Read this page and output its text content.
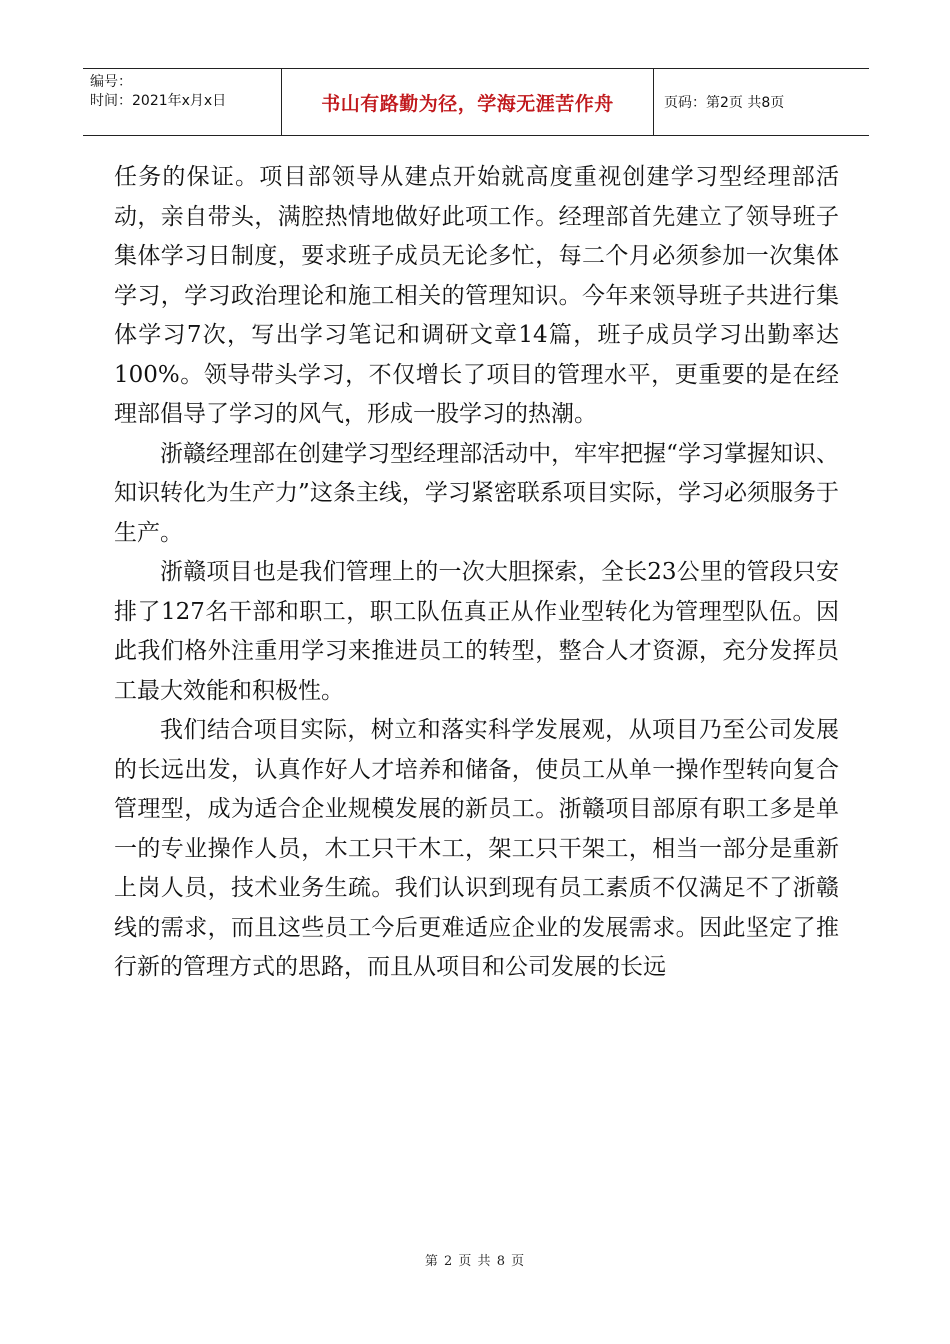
编号：
时间：2021年x月x日	书山有路勤为径，学海无涯苦作舟	页码：第2页 共8页

任务的保证。项目部领导从建点开始就高度重视创建学习型经理部活动，亲自带头，满腔热情地做好此项工作。经理部首先建立了领导班子集体学习日制度，要求班子成员无论多忙，每二个月必须参加一次集体学习，学习政治理论和施工相关的管理知识。今年来领导班子共进行集体学习7次，写出学习笔记和调研文章14篇，班子成员学习出勤率达100%。领导带头学习，不仅增长了项目的管理水平，更重要的是在经理部倡导了学习的风气，形成一股学习的热潮。

浙赣经理部在创建学习型经理部活动中，牢牢把握“学习掌握知识、知识转化为生产力”这条主线，学习紧密联系项目实际，学习必须服务于生产。

浙赣项目也是我们管理上的一次大胆探索，全长23公里的管段只安排了127名干部和职工，职工队伍真正从作业型转化为管理型队伍。因此我们格外注重用学习来推进员工的转型，整合人才资源，充分发挥员工最大效能和积极性。

我们结合项目实际，树立和落实科学发展观，从项目乃至公司发展的长远出发，认真作好人才培养和储备，使员工从单一操作型转向复合管理型，成为适合企业规模发展的新员工。浙赣项目部原有职工多是单一的专业操作人员，木工只干木工，架工只干架工，相当一部分是重新上岗人员，技术业务生疏。我们认识到现有员工素质不仅满足不了浙赣线的需求，而且这些员工今后更难适应企业的发展需求。因此坚定了推行新的管理方式的思路，而且从项目和公司发展的长远

第 2 页 共 8 页
